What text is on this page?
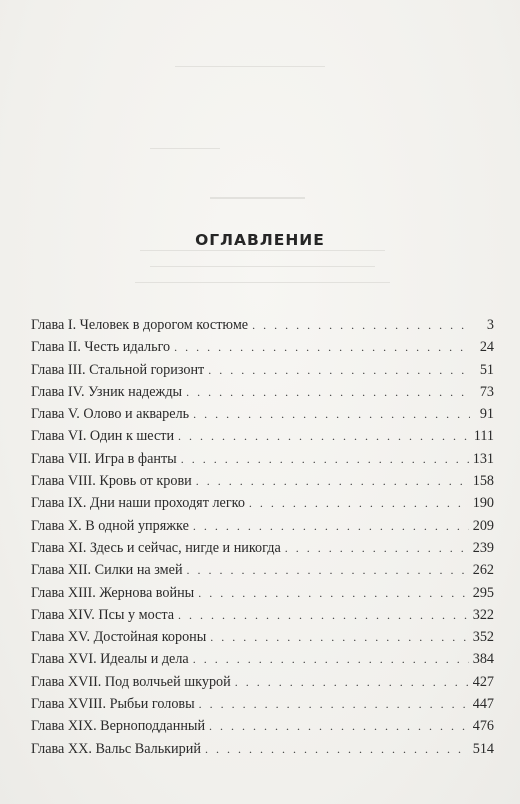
ОГЛАВЛЕНИЕ
Глава I. Человек в дорогом костюме . . .	3
Глава II. Честь идальго . . .	24
Глава III. Стальной горизонт . . .	51
Глава IV. Узник надежды . . .	73
Глава V. Олово и акварель . . .	91
Глава VI. Один к шести . . .	111
Глава VII. Игра в фанты . . .	131
Глава VIII. Кровь от крови . . .	158
Глава IX. Дни наши проходят легко . . .	190
Глава X. В одной упряжке . . .	209
Глава XI. Здесь и сейчас, нигде и никогда . . .	239
Глава XII. Силки на змей . . .	262
Глава XIII. Жернова войны . . .	295
Глава XIV. Псы у моста . . .	322
Глава XV. Достойная короны . . .	352
Глава XVI. Идеалы и дела . . .	384
Глава XVII. Под волчьей шкурой . . .	427
Глава XVIII. Рыбьи головы . . .	447
Глава XIX. Верноподданный . . .	476
Глава XX. Вальс Валькирий . . .	514
